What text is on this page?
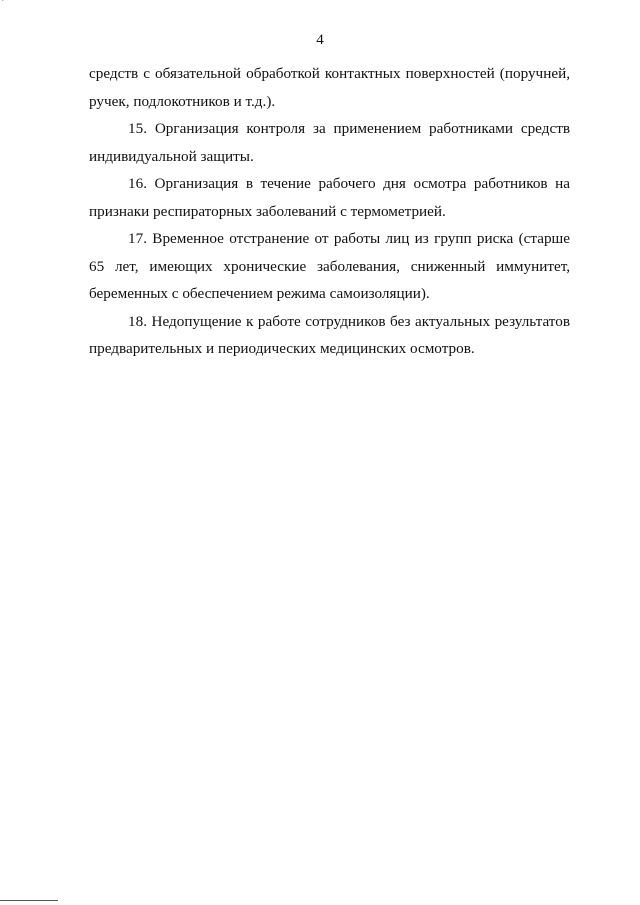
4

средств с обязательной обработкой контактных поверхностей (поручней, ручек, подлокотников и т.д.).

15. Организация контроля за применением работниками средств индивидуальной защиты.

16. Организация в течение рабочего дня осмотра работников на признаки респираторных заболеваний с термометрией.

17. Временное отстранение от работы лиц из групп риска (старше 65 лет, имеющих хронические заболевания, сниженный иммунитет, беременных с обеспечением режима самоизоляции).

18. Недопущение к работе сотрудников без актуальных результатов предварительных и периодических медицинских осмотров.
